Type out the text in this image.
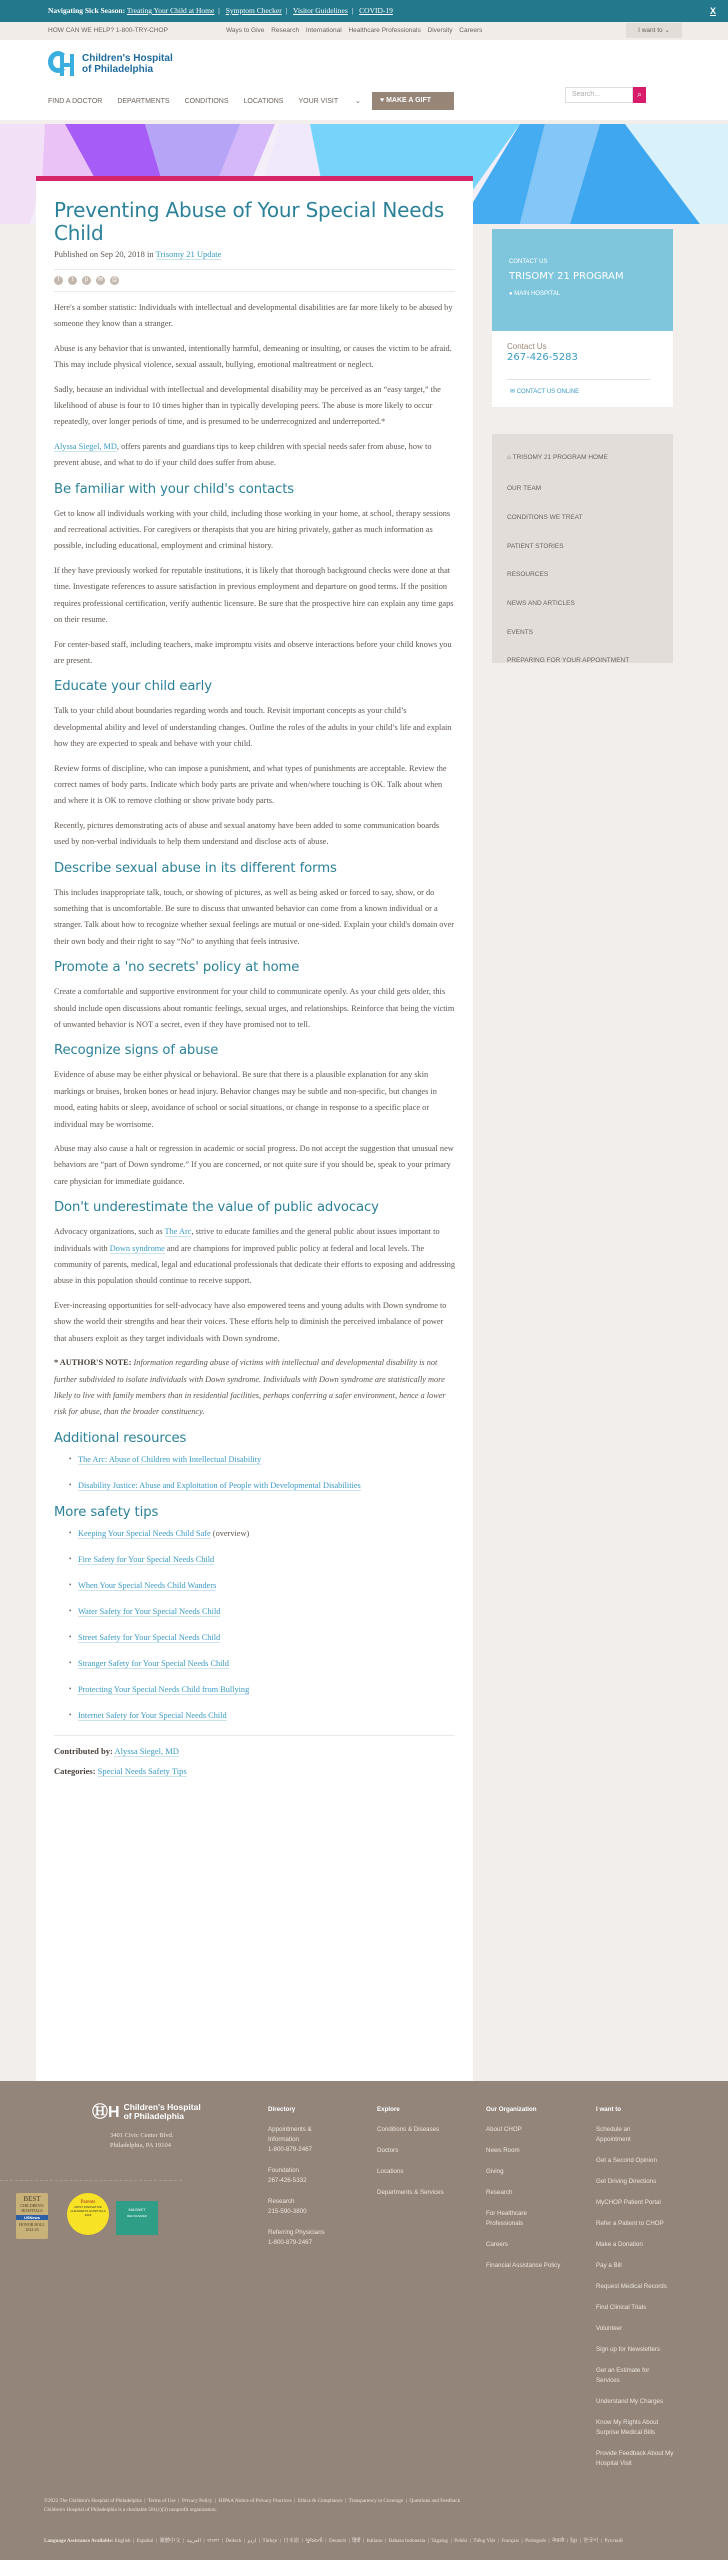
Navigating Sick Season: Treating Your Child at Home | Symptom Checker | Visitor Guidelines | COVID-19	X
HOW CAN WE HELP? 1-800-TRY-CHOP	Ways to Give Research International Healthcare Professionals Diversity Careers	I want to ⌄
Children's Hospital
of Philadelphia
FIND A DOCTOR DEPARTMENTS CONDITIONS LOCATIONS YOUR VISIT ⌄	♥ MAKE A GIFT
Search...	⌕
Preventing Abuse of Your Special Needs Child
Published on Sep 20, 2018 in Trisomy 21 Update
f	t	p	✉	⎙

Here's a somber statistic: Individuals with intellectual and developmental disabilities are far more likely to be abused by someone they know than a stranger.

Abuse is any behavior that is unwanted, intentionally harmful, demeaning or insulting, or causes the victim to be afraid. This may include physical violence, sexual assault, bullying, emotional maltreatment or neglect.

Sadly, because an individual with intellectual and developmental disability may be perceived as an “easy target,” the likelihood of abuse is four to 10 times higher than in typically developing peers. The abuse is more likely to occur repeatedly, over longer periods of time, and is presumed to be underrecognized and underreported.*

Alyssa Siegel, MD, offers parents and guardians tips to keep children with special needs safer from abuse, how to prevent abuse, and what to do if your child does suffer from abuse.

Be familiar with your child's contacts

Get to know all individuals working with your child, including those working in your home, at school, therapy sessions and recreational activities. For caregivers or therapists that you are hiring privately, gather as much information as possible, including educational, employment and criminal history.

If they have previously worked for reputable institutions, it is likely that thorough background checks were done at that time. Investigate references to assure satisfaction in previous employment and departure on good terms. If the position requires professional certification, verify authentic licensure. Be sure that the prospective hire can explain any time gaps on their resume.

For center-based staff, including teachers, make impromptu visits and observe interactions before your child knows you are present.

Educate your child early

Talk to your child about boundaries regarding words and touch. Revisit important concepts as your child’s developmental ability and level of understanding changes. Outline the roles of the adults in your child’s life and explain how they are expected to speak and behave with your child.

Review forms of discipline, who can impose a punishment, and what types of punishments are acceptable. Review the correct names of body parts. Indicate which body parts are private and when/where touching is OK. Talk about when and where it is OK to remove clothing or show private body parts.

Recently, pictures demonstrating acts of abuse and sexual anatomy have been added to some communication boards used by non-verbal individuals to help them understand and disclose acts of abuse.

Describe sexual abuse in its different forms

This includes inappropriate talk, touch, or showing of pictures, as well as being asked or forced to say, show, or do something that is uncomfortable. Be sure to discuss that unwanted behavior can come from a known individual or a stranger. Talk about how to recognize whether sexual feelings are mutual or one-sided. Explain your child's domain over their own body and their right to say “No” to anything that feels intrusive.

Promote a 'no secrets' policy at home

Create a comfortable and supportive environment for your child to communicate openly. As your child gets older, this should include open discussions about romantic feelings, sexual urges, and relationships. Reinforce that being the victim of unwanted behavior is NOT a secret, even if they have promised not to tell.

Recognize signs of abuse

Evidence of abuse may be either physical or behavioral. Be sure that there is a plausible explanation for any skin markings or bruises, broken bones or head injury. Behavior changes may be subtle and non-specific, but changes in mood, eating habits or sleep, avoidance of school or social situations, or change in response to a specific place or individual may be worrisome.

Abuse may also cause a halt or regression in academic or social progress. Do not accept the suggestion that unusual new behaviors are “part of Down syndrome.” If you are concerned, or not quite sure if you should be, speak to your primary care physician for immediate guidance.

Don't underestimate the value of public advocacy

Advocacy organizations, such as The Arc, strive to educate families and the general public about issues important to individuals with Down syndrome and are champions for improved public policy at federal and local levels. The community of parents, medical, legal and educational professionals that dedicate their efforts to exposing and addressing abuse in this population should continue to receive support.

Ever-increasing opportunities for self-advocacy have also empowered teens and young adults with Down syndrome to show the world their strengths and hear their voices. These efforts help to diminish the perceived imbalance of power that abusers exploit as they target individuals with Down syndrome.

* AUTHOR'S NOTE: Information regarding abuse of victims with intellectual and developmental disability is not further subdivided to isolate individuals with Down syndrome. Individuals with Down syndrome are statistically more likely to live with family members than in residential facilities, perhaps conferring a safer environment, hence a lower risk for abuse, than the broader constituency.

Additional resources
• The Arc: Abuse of Children with Intellectual Disability
• Disability Justice: Abuse and Exploitation of People with Developmental Disabilities
More safety tips
• Keeping Your Special Needs Child Safe (overview)
• Fire Safety for Your Special Needs Child
• When Your Special Needs Child Wanders
• Water Safety for Your Special Needs Child
• Street Safety for Your Special Needs Child
• Stranger Safety for Your Special Needs Child
• Protecting Your Special Needs Child from Bullying
• Internet Safety for Your Special Needs Child
Contributed by: Alyssa Siegel, MD
Categories: Special Needs Safety Tips
CONTACT US
TRISOMY 21 PROGRAM
● MAIN HOSPITAL
Contact Us
267-426-5283
✉ CONTACT US ONLINE
⌂ TRISOMY 21 PROGRAM HOME
OUR TEAM
CONDITIONS WE TREAT
PATIENT STORIES
RESOURCES
NEWS AND ARTICLES
EVENTS
PREPARING FOR YOUR APPOINTMENT
ⒽH Children's Hospital
of Philadelphia
3401 Civic Center Blvd.
Philadelphia, PA 19104
BEST
CHILDREN'S HOSPITALS
USNews
HONOR ROLL 2022-23
Parents
MOST INNOVATIVE CHILDREN'S HOSPITALS
2018
MAGNET
RECOGNIZED
Directory
Appointments & Information
1-800-879-2467
Foundation
267-426-5332
Research
215-590-3800
Referring Physicians
1-800-879-2467
Explore
Conditions & Diseases
Doctors
Locations
Departments & Services
Our Organization
About CHOP
News Room
Giving
Research
For Healthcare Professionals
Careers
Financial Assistance Policy
I want to
Schedule an Appointment
Get a Second Opinion
Get Driving Directions
MyCHOP Patient Portal
Refer a Patient to CHOP
Make a Donation
Pay a Bill
Request Medical Records
Find Clinical Trials
Volunteer
Sign up for Newsletters
Get an Estimate for Services
Understand My Charges
Know My Rights About Surprise Medical Bills
Provide Feedback About My Hospital Visit
©2022 The Children's Hospital of Philadelphia  |  Terms of Use  |  Privacy Policy  |  HIPAA Notice of Privacy Practices  |  Ethics & Compliance  |  Transparency in Coverage  |  Questions and Feedback
Children's Hospital of Philadelphia is a charitable 501(c)(3) nonprofit organization.
Language Assistance Available: English  |  Español  |  繁體中文  |  العربية  |  বাংলা  |  Deitsch  |  اردو  |  Türkçe  |  日本語  |  ગુજરાતી  |  Deutsch  |  हिंदी  |  Italiano  |  Bahasa Indonesia  |  Tagalog  |  Polski  |  Tiếng Việt  |  Français  |  Português  |  नेपाली  |  ខ្មែរ  |  한국어  |  Русский
